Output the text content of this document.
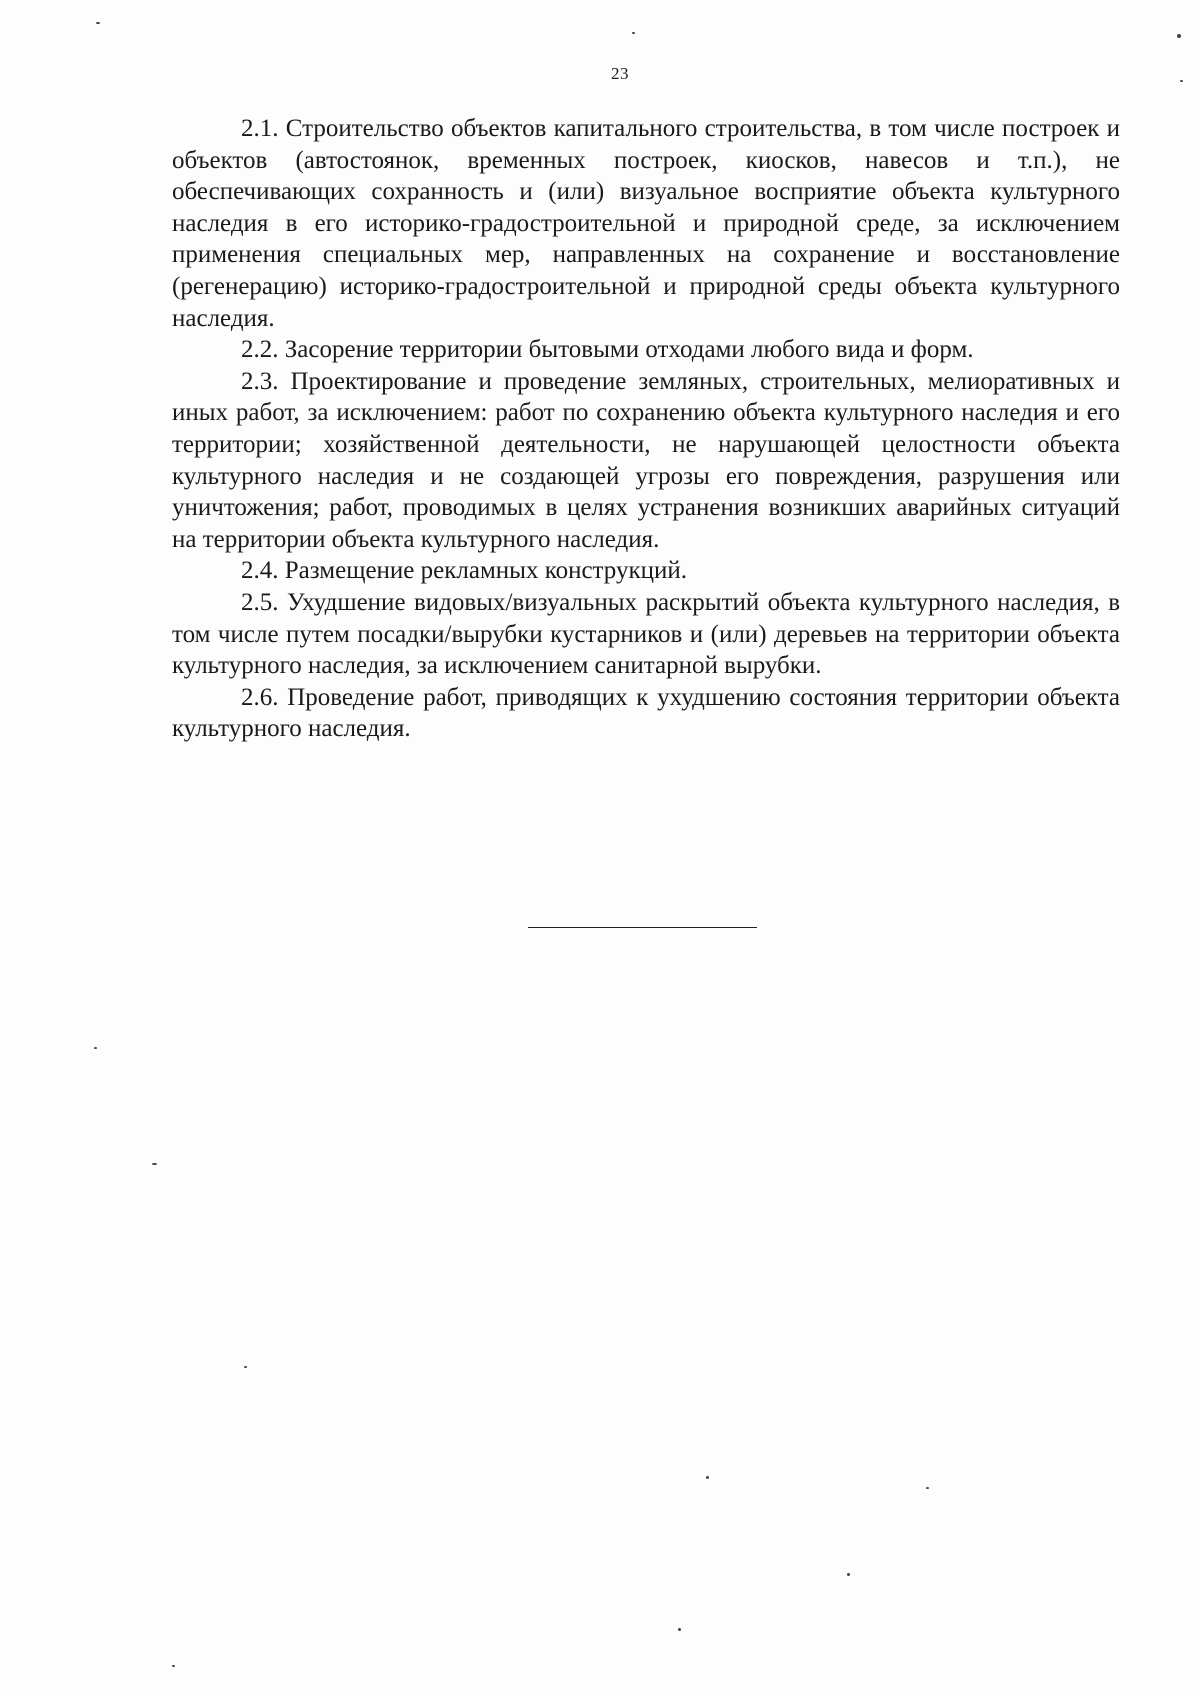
23

2.1. Строительство объектов капитального строительства, в том числе построек и объектов (автостоянок, временных построек, киосков, навесов и т.п.), не обеспечивающих сохранность и (или) визуальное восприятие объекта культурного наследия в его историко-градостроительной и природной среде, за исключением применения специальных мер, направленных на сохранение и восстановление (регенерацию) историко-градостроительной и природной среды объекта культурного наследия.

2.2. Засорение территории бытовыми отходами любого вида и форм.

2.3. Проектирование и проведение земляных, строительных, мелиоративных и иных работ, за исключением: работ по сохранению объекта культурного наследия и его территории; хозяйственной деятельности, не нарушающей целостности объекта культурного наследия и не создающей угрозы его повреждения, разрушения или уничтожения; работ, проводимых в целях устранения возникших аварийных ситуаций на территории объекта культурного наследия.

2.4. Размещение рекламных конструкций.

2.5. Ухудшение видовых/визуальных раскрытий объекта культурного наследия, в том числе путем посадки/вырубки кустарников и (или) деревьев на территории объекта культурного наследия, за исключением санитарной вырубки.

2.6. Проведение работ, приводящих к ухудшению состояния территории объекта культурного наследия.
